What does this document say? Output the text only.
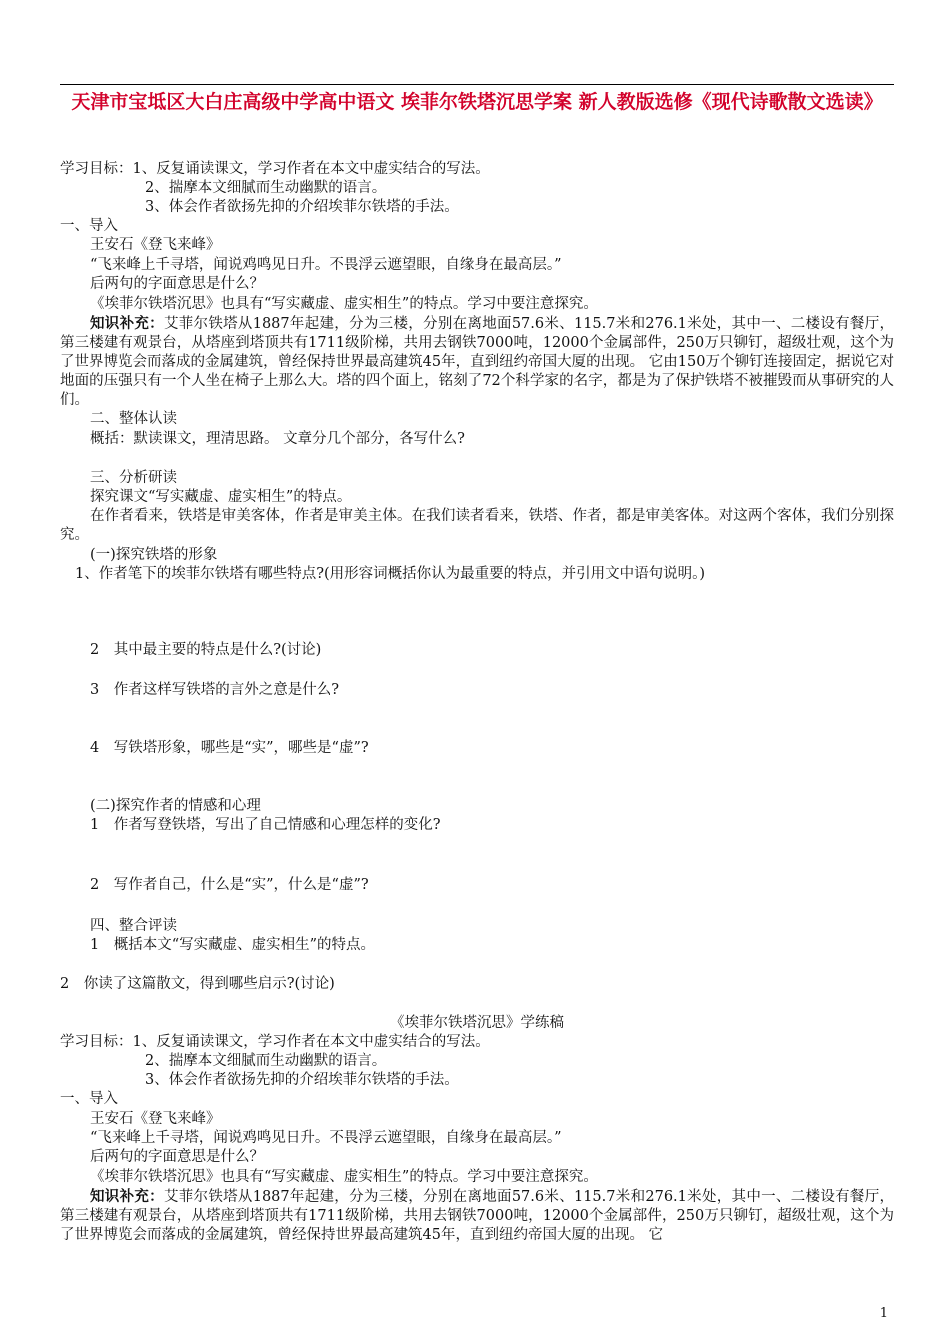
天津市宝坻区大白庄高级中学高中语文 埃菲尔铁塔沉思学案 新人教版选修《现代诗歌散文选读》
学习目标：1、反复诵读课文，学习作者在本文中虚实结合的写法。
2、揣摩本文细腻而生动幽默的语言。
3、体会作者欲扬先抑的介绍埃菲尔铁塔的手法。
一、导入
王安石《登飞来峰》
“飞来峰上千寻塔，闻说鸡鸣见日升。不畏浮云遮望眼，自缘身在最高层。”
后两句的字面意思是什么？
《埃菲尔铁塔沉思》也具有“写实藏虚、虚实相生”的特点。学习中要注意探究。
知识补充：艾菲尔铁塔从1887年起建，分为三楼，分别在离地面57.6米、115.7米和276.1米处，其中一、二楼设有餐厅，第三楼建有观景台，从塔座到塔顶共有1711级阶梯，共用去钢铁7000吨，12000个金属部件，250万只铆钉，超级壮观，这个为了世界博览会而落成的金属建筑，曾经保持世界最高建筑45年，直到纽约帝国大厦的出现。 它由150万个铆钉连接固定，据说它对地面的压强只有一个人坐在椅子上那么大。塔的四个面上，铭刻了72个科学家的名字，都是为了保护铁塔不被摧毁而从事研究的人们。
二、整体认读
概括：默读课文，理清思路。 文章分几个部分，各写什么?
三、分析研读
探究课文“写实藏虚、虚实相生”的特点。
在作者看来，铁塔是审美客体，作者是审美主体。在我们读者看来，铁塔、作者，都是审美客体。对这两个客体，我们分别探究。
(一)探究铁塔的形象
1、作者笔下的埃菲尔铁塔有哪些特点?(用形容词概括你认为最重要的特点，并引用文中语句说明。)
2　其中最主要的特点是什么?(讨论)
3　作者这样写铁塔的言外之意是什么?
4　写铁塔形象，哪些是“实”，哪些是“虚”?
(二)探究作者的情感和心理
1　作者写登铁塔，写出了自己情感和心理怎样的变化?
2　写作者自己，什么是“实”，什么是“虚”?
四、整合评读
1　概括本文“写实藏虚、虚实相生”的特点。
2　你读了这篇散文，得到哪些启示?(讨论)
《埃菲尔铁塔沉思》学练稿
学习目标：1、反复诵读课文，学习作者在本文中虚实结合的写法。
2、揣摩本文细腻而生动幽默的语言。
3、体会作者欲扬先抑的介绍埃菲尔铁塔的手法。
一、导入
王安石《登飞来峰》
“飞来峰上千寻塔，闻说鸡鸣见日升。不畏浮云遮望眼，自缘身在最高层。”
后两句的字面意思是什么？
《埃菲尔铁塔沉思》也具有“写实藏虚、虚实相生”的特点。学习中要注意探究。
知识补充：艾菲尔铁塔从1887年起建，分为三楼，分别在离地面57.6米、115.7米和276.1米处，其中一、二楼设有餐厅，第三楼建有观景台，从塔座到塔顶共有1711级阶梯，共用去钢铁7000吨，12000个金属部件，250万只铆钉，超级壮观，这个为了世界博览会而落成的金属建筑，曾经保持世界最高建筑45年，直到纽约帝国大厦的出现。 它
1
